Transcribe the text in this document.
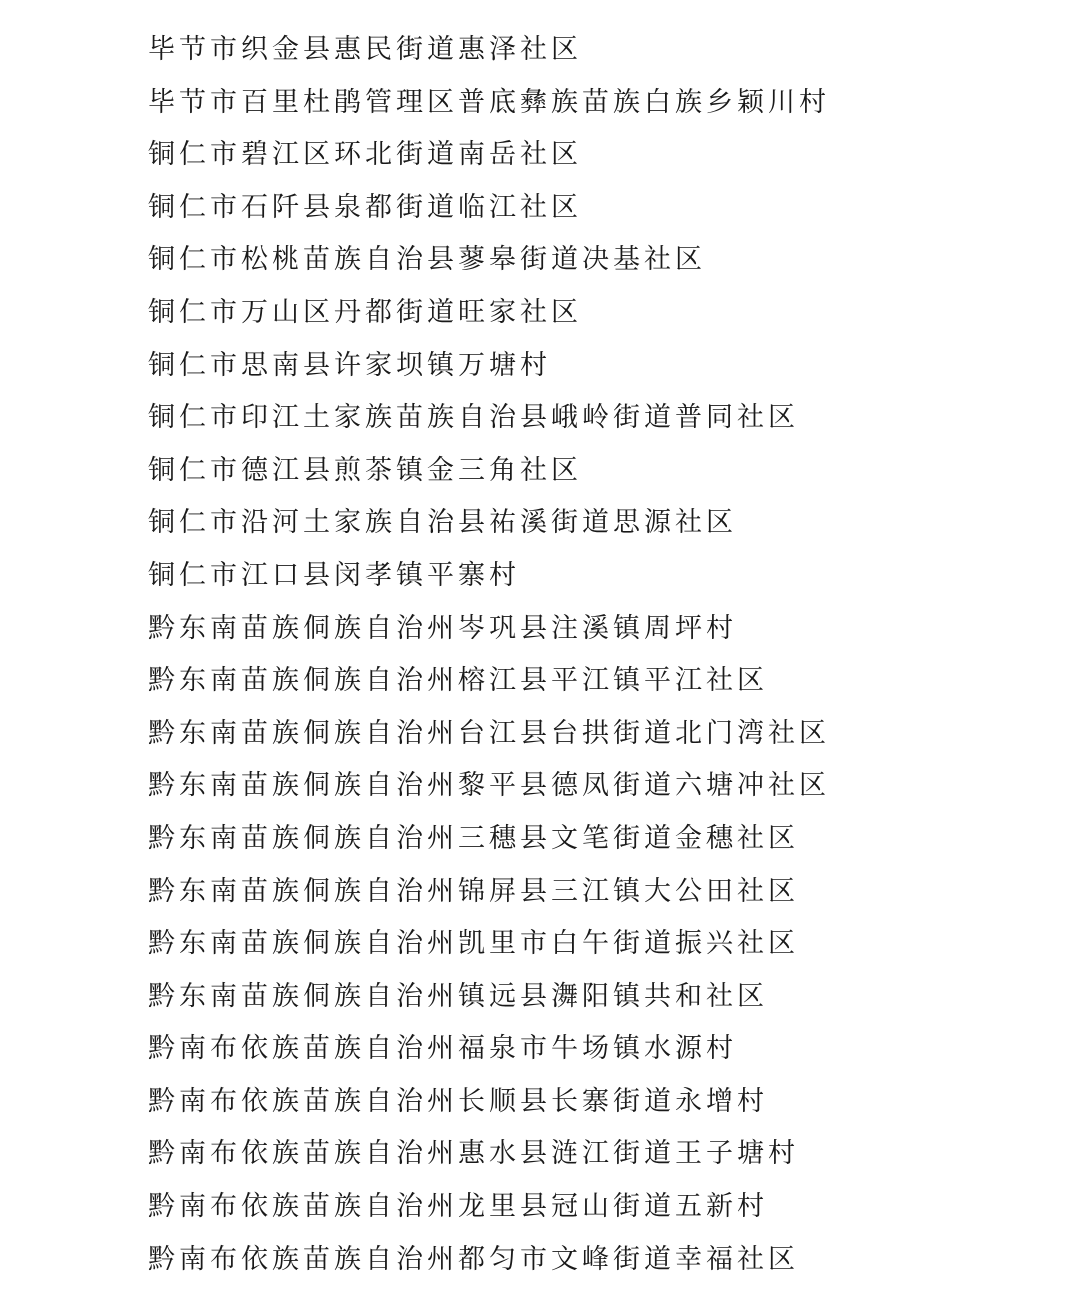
毕节市织金县惠民街道惠泽社区
毕节市百里杜鹃管理区普底彝族苗族白族乡颖川村
铜仁市碧江区环北街道南岳社区
铜仁市石阡县泉都街道临江社区
铜仁市松桃苗族自治县蓼皋街道决基社区
铜仁市万山区丹都街道旺家社区
铜仁市思南县许家坝镇万塘村
铜仁市印江土家族苗族自治县峨岭街道普同社区
铜仁市德江县煎茶镇金三角社区
铜仁市沿河土家族自治县祐溪街道思源社区
铜仁市江口县闵孝镇平寨村
黔东南苗族侗族自治州岑巩县注溪镇周坪村
黔东南苗族侗族自治州榕江县平江镇平江社区
黔东南苗族侗族自治州台江县台拱街道北门湾社区
黔东南苗族侗族自治州黎平县德凤街道六塘冲社区
黔东南苗族侗族自治州三穗县文笔街道金穗社区
黔东南苗族侗族自治州锦屏县三江镇大公田社区
黔东南苗族侗族自治州凯里市白午街道振兴社区
黔东南苗族侗族自治州镇远县㵲阳镇共和社区
黔南布依族苗族自治州福泉市牛场镇水源村
黔南布依族苗族自治州长顺县长寨街道永增村
黔南布依族苗族自治州惠水县涟江街道王子塘村
黔南布依族苗族自治州龙里县冠山街道五新村
黔南布依族苗族自治州都匀市文峰街道幸福社区
